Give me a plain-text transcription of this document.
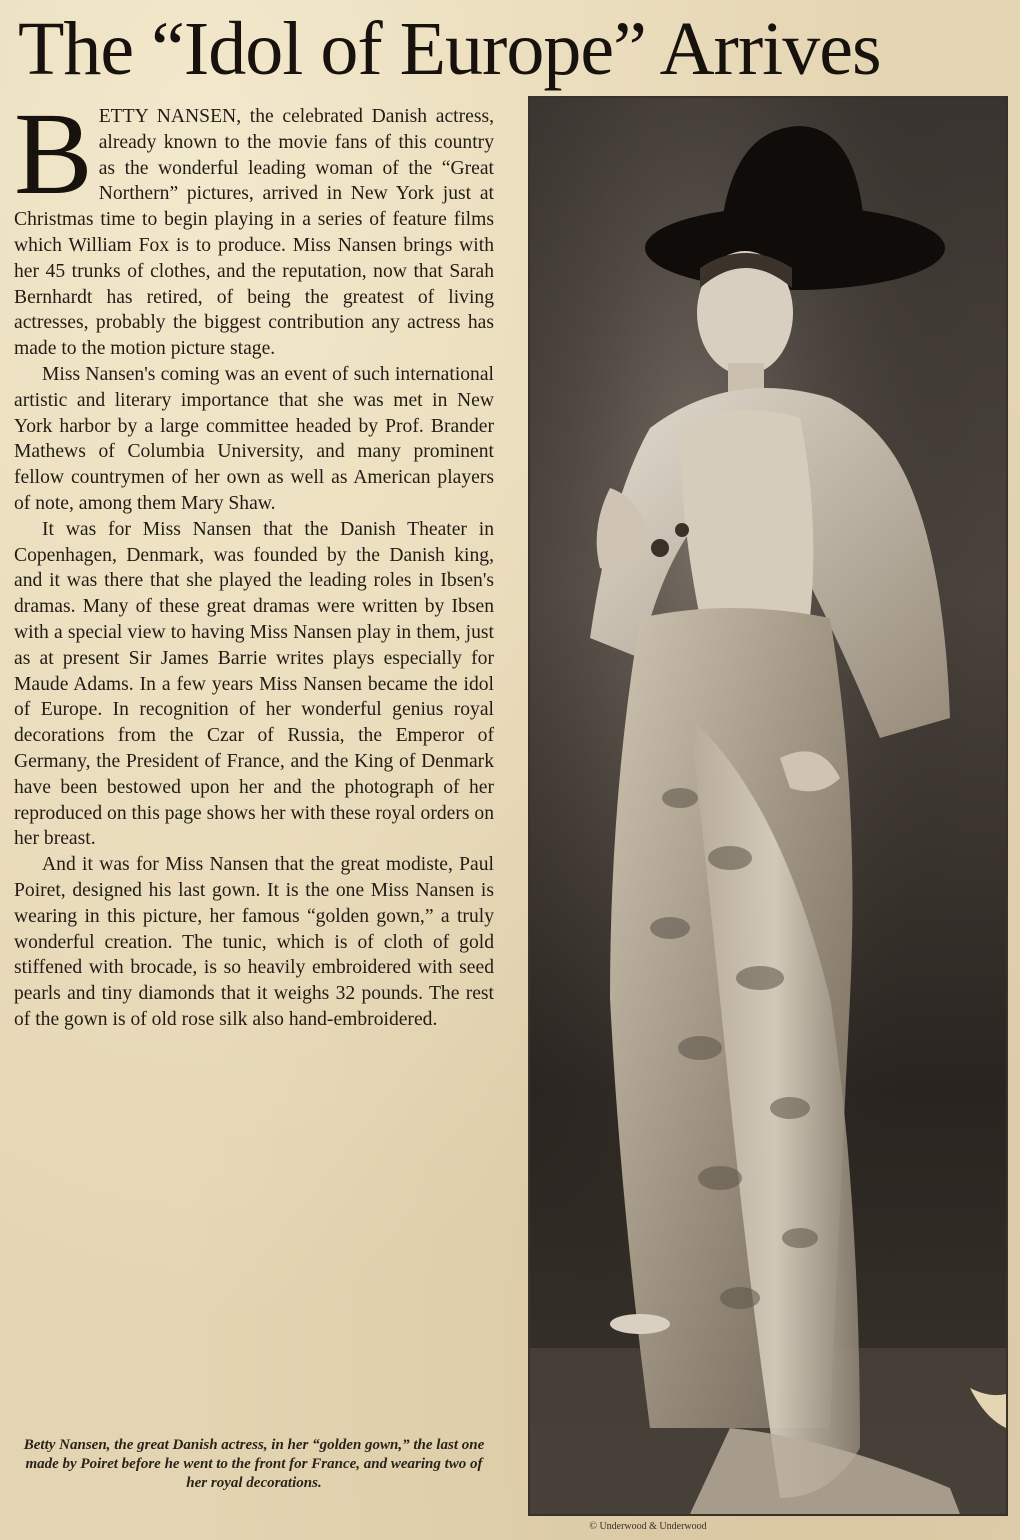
The “Idol of Europe” Arrives

BETTY NANSEN, the celebrated Danish actress, already known to the movie fans of this country as the wonderful leading woman of the “Great Northern” pictures, arrived in New York just at Christmas time to begin playing in a series of feature films which William Fox is to produce. Miss Nansen brings with her 45 trunks of clothes, and the reputation, now that Sarah Bernhardt has retired, of being the greatest of living actresses, probably the biggest contribution any actress has made to the motion picture stage.

Miss Nansen's coming was an event of such international artistic and literary importance that she was met in New York harbor by a large committee headed by Prof. Brander Mathews of Columbia University, and many prominent fellow countrymen of her own as well as American players of note, among them Mary Shaw.

It was for Miss Nansen that the Danish Theater in Copenhagen, Denmark, was founded by the Danish king, and it was there that she played the leading roles in Ibsen's dramas. Many of these great dramas were written by Ibsen with a special view to having Miss Nansen play in them, just as at present Sir James Barrie writes plays especially for Maude Adams. In a few years Miss Nansen became the idol of Europe. In recognition of her wonderful genius royal decorations from the Czar of Russia, the Emperor of Germany, the President of France, and the King of Denmark have been bestowed upon her and the photograph of her reproduced on this page shows her with these royal orders on her breast.

And it was for Miss Nansen that the great modiste, Paul Poiret, designed his last gown. It is the one Miss Nansen is wearing in this picture, her famous “golden gown,” a truly wonderful creation. The tunic, which is of cloth of gold stiffened with brocade, is so heavily embroidered with seed pearls and tiny diamonds that it weighs 32 pounds. The rest of the gown is of old rose silk also hand-embroidered.

Betty Nansen, the great Danish actress, in her “golden gown,” the last one made by Poiret before he went to the front for France, and wearing two of her royal decorations.
© Underwood & Underwood
